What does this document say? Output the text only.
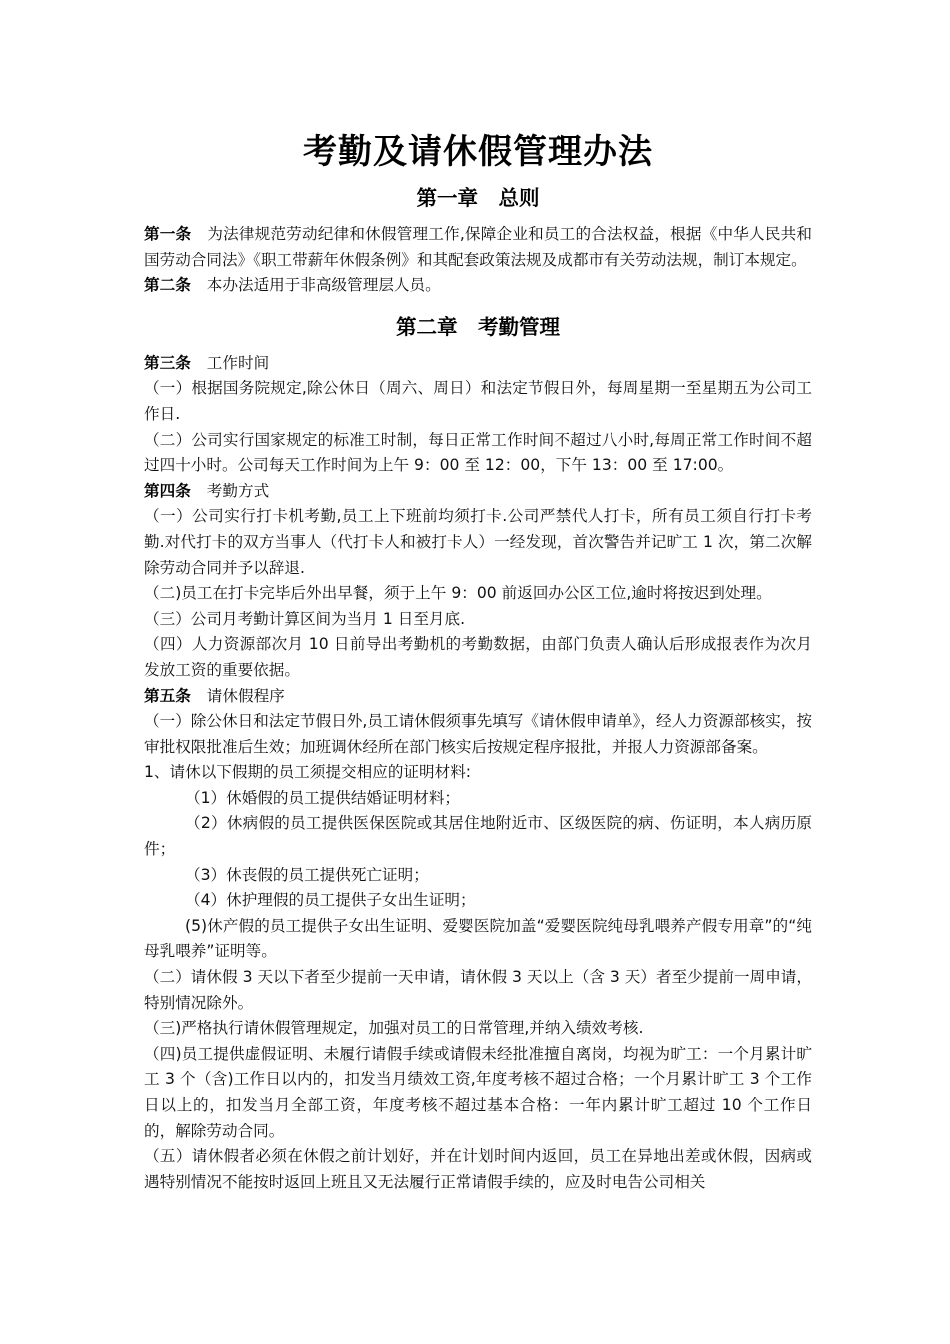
考勤及请休假管理办法
第一章　总则

第一条 为法律规范劳动纪律和休假管理工作,保障企业和员工的合法权益，根据《中华人民共和国劳动合同法》《职工带薪年休假条例》和其配套政策法规及成都市有关劳动法规，制订本规定。

第二条 本办法适用于非高级管理层人员。

第二章　考勤管理

第三条 工作时间

（一）根据国务院规定,除公休日（周六、周日）和法定节假日外，每周星期一至星期五为公司工作日.

（二）公司实行国家规定的标准工时制，每日正常工作时间不超过八小时,每周正常工作时间不超过四十小时。公司每天工作时间为上午 9：00 至 12：00，下午 13：00 至 17:00。

第四条 考勤方式

（一）公司实行打卡机考勤,员工上下班前均须打卡.公司严禁代人打卡，所有员工须自行打卡考勤.对代打卡的双方当事人（代打卡人和被打卡人）一经发现，首次警告并记旷工 1 次，第二次解除劳动合同并予以辞退.

（二)员工在打卡完毕后外出早餐，须于上午 9：00 前返回办公区工位,逾时将按迟到处理。

（三）公司月考勤计算区间为当月 1 日至月底.

（四）人力资源部次月 10 日前导出考勤机的考勤数据，由部门负责人确认后形成报表作为次月发放工资的重要依据。

第五条 请休假程序

（一）除公休日和法定节假日外,员工请休假须事先填写《请休假申请单》，经人力资源部核实，按审批权限批准后生效；加班调休经所在部门核实后按规定程序报批，并报人力资源部备案。

1、请休以下假期的员工须提交相应的证明材料:

（1）休婚假的员工提供结婚证明材料；

（2）休病假的员工提供医保医院或其居住地附近市、区级医院的病、伤证明，本人病历原件；

（3）休丧假的员工提供死亡证明；

（4）休护理假的员工提供子女出生证明；

(5)休产假的员工提供子女出生证明、爱婴医院加盖“爱婴医院纯母乳喂养产假专用章”的“纯母乳喂养”证明等。

（二）请休假 3 天以下者至少提前一天申请，请休假 3 天以上（含 3 天）者至少提前一周申请，特别情况除外。

（三)严格执行请休假管理规定，加强对员工的日常管理,并纳入绩效考核.

（四)员工提供虚假证明、未履行请假手续或请假未经批准擅自离岗，均视为旷工：一个月累计旷工 3 个（含)工作日以内的，扣发当月绩效工资,年度考核不超过合格；一个月累计旷工 3 个工作日以上的，扣发当月全部工资，年度考核不超过基本合格：一年内累计旷工超过 10 个工作日的，解除劳动合同。

（五）请休假者必须在休假之前计划好，并在计划时间内返回，员工在异地出差或休假，因病或遇特别情况不能按时返回上班且又无法履行正常请假手续的，应及时电告公司相关
